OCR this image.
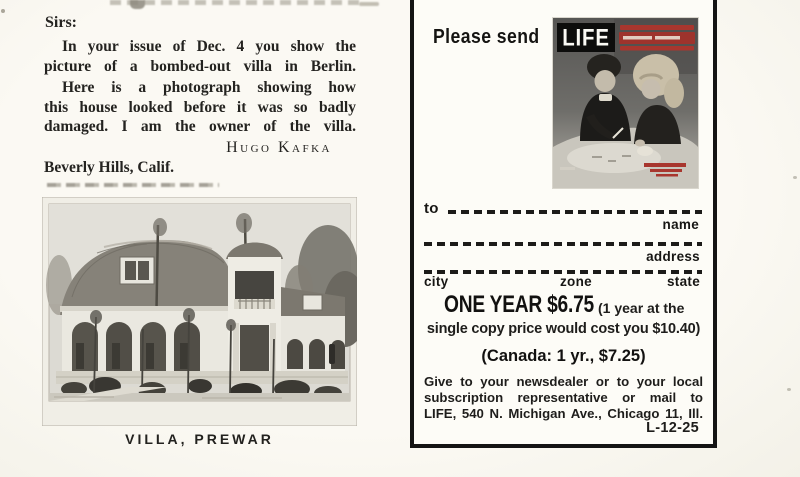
Sirs:
In your issue of Dec. 4 you show the
picture of a bombed-out villa in Berlin.
Here is a photograph showing how
this house looked before it was so badly
damaged. I am the owner of the villa.
Hugo Kafka
Beverly Hills, Calif.
VILLA, PREWAR
Please send LIFE
to
name
address
city	zone	state
ONE YEAR $6.75 (1 year at the
single copy price would cost you $10.40)
(Canada: 1 yr., $7.25)
Give to your newsdealer or to your local
subscription representative or mail to
LIFE, 540 N. Michigan Ave., Chicago 11, Ill.
L-12-25
